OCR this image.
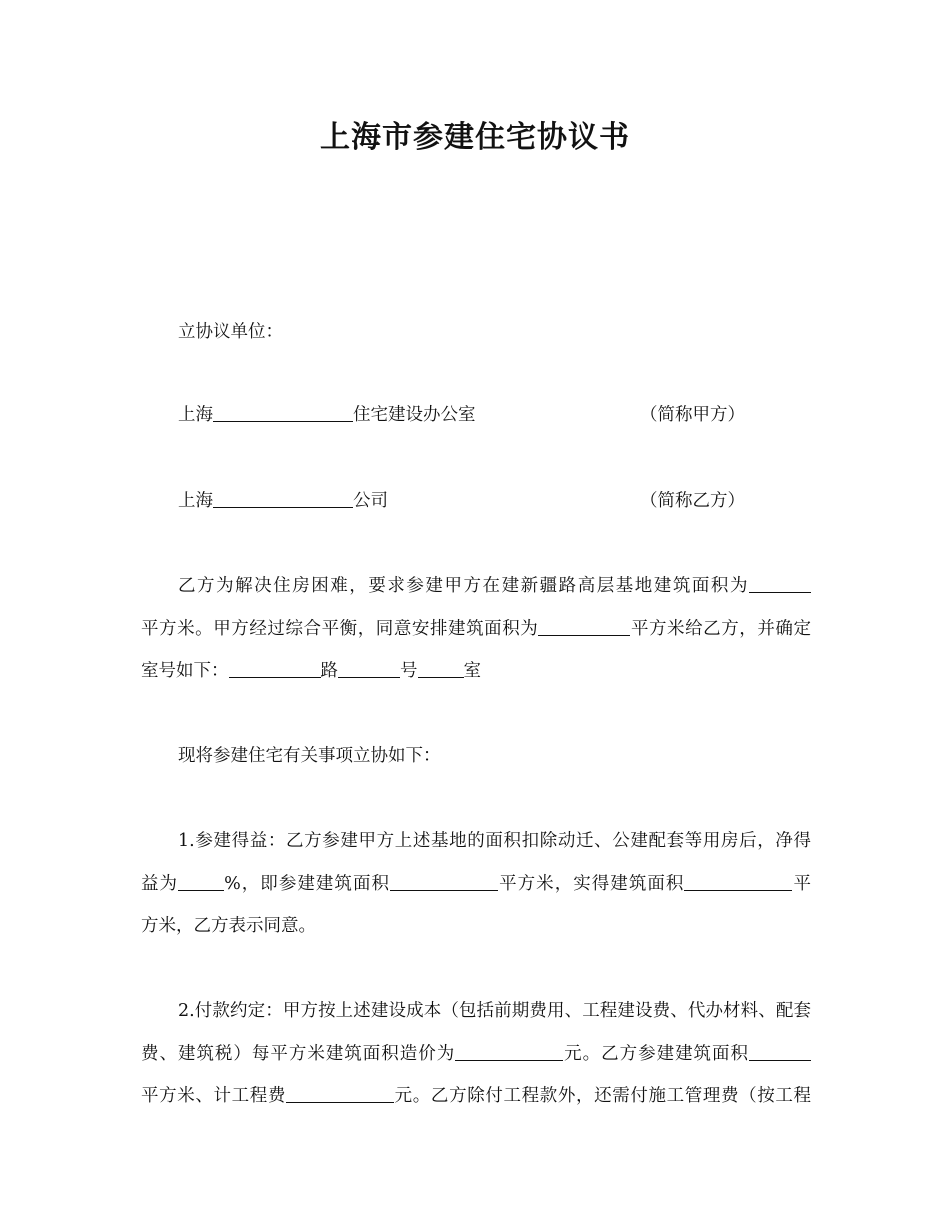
上海市参建住宅协议书
立协议单位：
上海	住宅建设办公室	（简称甲方）
上海	公司	（简称乙方）
乙方为解决住房困难，要求参建甲方在建新疆路高层基地建筑面积为
平方米。甲方经过综合平衡，同意安排建筑面积为	平方米给乙方，并确定
室号如下：	路	号	室
现将参建住宅有关事项立协如下：
1.参建得益：乙方参建甲方上述基地的面积扣除动迁、公建配套等用房后，净得
益为	%，即参建建筑面积	平方米，实得建筑面积	平
方米，乙方表示同意。
2.付款约定：甲方按上述建设成本（包括前期费用、工程建设费、代办材料、配套
费、建筑税）每平方米建筑面积造价为	元。乙方参建建筑面积
平方米、计工程费	元。乙方除付工程款外，还需付施工管理费（按工程
